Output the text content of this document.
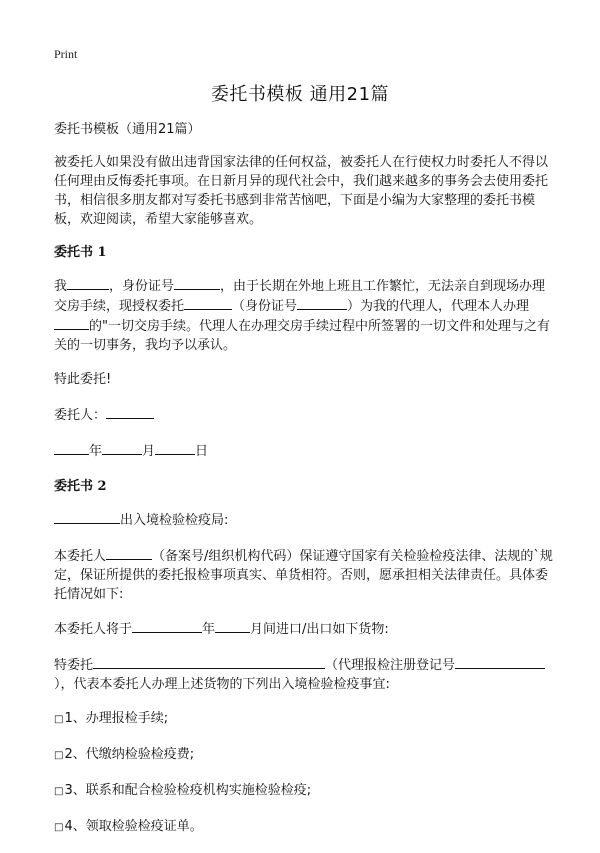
Print
委托书模板 通用21篇

委托书模板（通用21篇）

被委托人如果没有做出违背国家法律的任何权益，被委托人在行使权力时委托人不得以任何理由反悔委托事项。在日新月异的现代社会中，我们越来越多的事务会去使用委托书，相信很多朋友都对写委托书感到非常苦恼吧，下面是小编为大家整理的委托书模板，欢迎阅读，希望大家能够喜欢。

委托书 1

我	，身份证号	，由于长期在外地上班且工作繁忙，无法亲自到现场办理交房手续，现授权委托	（身份证号	）为我的代理人，代理本人办理的"一切交房手续。代理人在办理交房手续过程中所签署的一切文件和处理与之有关的一切事务，我均予以承认。

特此委托!

委托人：

年	月	日

委托书 2

出入境检验检疫局:

本委托人	（备案号/组织机构代码）保证遵守国家有关检验检疫法律、法规的`规定，保证所提供的委托报检事项真实、单货相符。否则，愿承担相关法律责任。具体委托情况如下:

本委托人将于	年	月间进口/出口如下货物:

特委托	（代理报检注册登记号），代表本委托人办理上述货物的下列出入境检验检疫事宜:

□1、办理报检手续;

□2、代缴纳检验检疫费;

□3、联系和配合检验检疫机构实施检验检疫;

□4、领取检验检疫证单。
